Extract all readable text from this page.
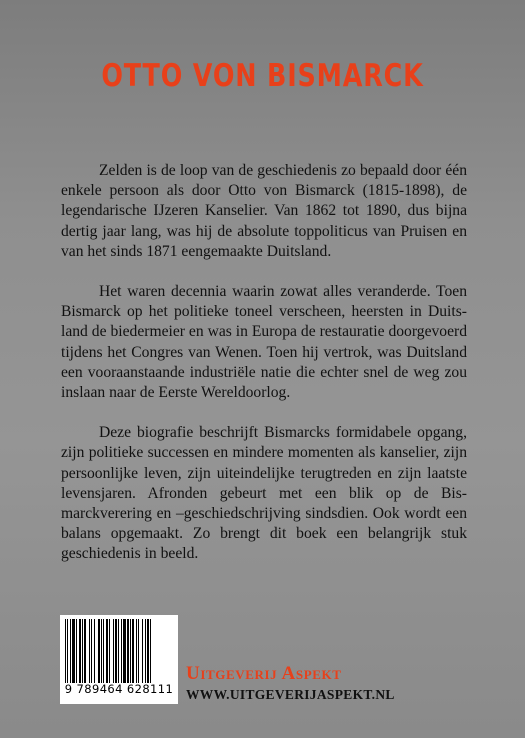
OTTO VON BISMARCK

Zelden is de loop van de geschiedenis zo bepaald door één enkele persoon als door Otto von Bismarck (1815-1898), de legendarische IJzeren Kanselier. Van 1862 tot 1890, dus bijna dertig jaar lang, was hij de absolute toppoliticus van Pruisen en van het sinds 1871 eengemaakte Duitsland.

Het waren decennia waarin zowat alles veranderde. Toen Bismarck op het politieke toneel verscheen, heersten in Duitsland de biedermeier en was in Europa de restauratie doorgevoerd tijdens het Congres van Wenen. Toen hij vertrok, was Duitsland een vooraanstaande industriële natie die echter snel de weg zou inslaan naar de Eerste Wereldoorlog.

Deze biografie beschrijft Bismarcks formidabele opgang, zijn politieke successen en mindere momenten als kanselier, zijn persoonlijke leven, zijn uiteindelijke terugtreden en zijn laatste levensjaren. Afronden gebeurt met een blik op de Bismarckverering en –geschiedschrijving sindsdien. Ook wordt een balans opgemaakt. Zo brengt dit boek een belangrijk stuk geschiedenis in beeld.

9 789464 628111
Uitgeverij Aspekt
WWW.UITGEVERIJASPEKT.NL
